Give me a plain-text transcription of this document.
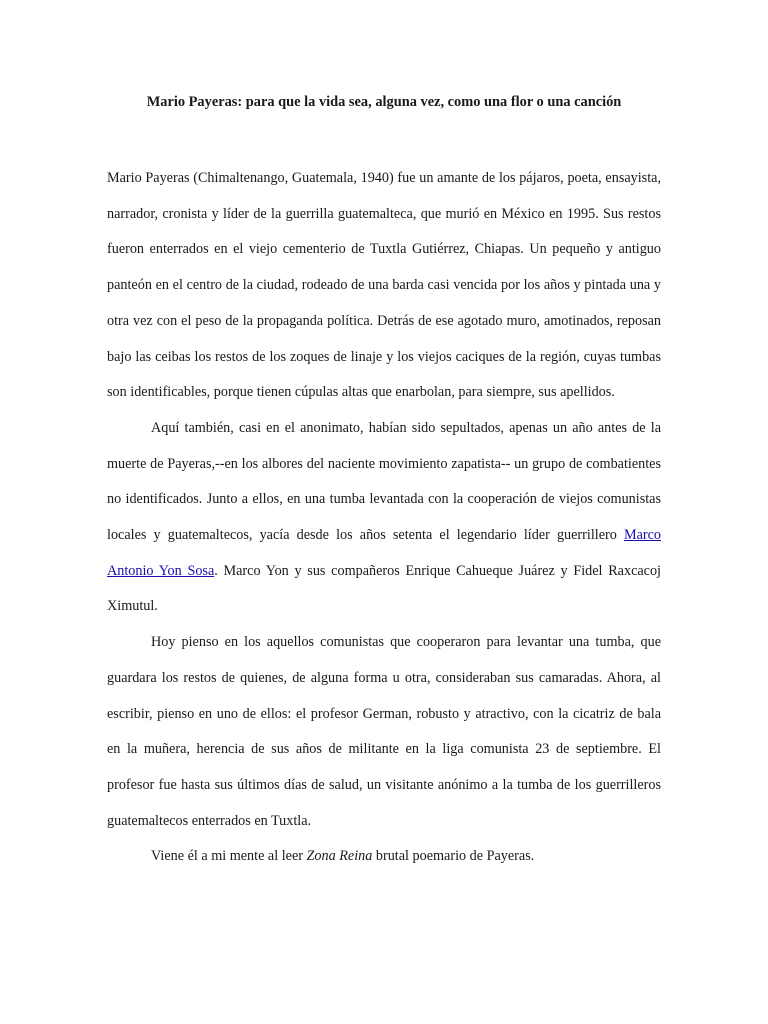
Mario Payeras: para que la vida sea, alguna vez, como una flor o una canción

Mario Payeras (Chimaltenango, Guatemala, 1940) fue un amante de los pájaros, poeta, ensayista, narrador, cronista y líder de la guerrilla guatemalteca, que murió en México en 1995. Sus restos fueron enterrados en el viejo cementerio de Tuxtla Gutiérrez, Chiapas. Un pequeño y antiguo panteón en el centro de la ciudad, rodeado de una barda casi vencida por los años y pintada una y otra vez con el peso de la propaganda política. Detrás de ese agotado muro, amotinados, reposan bajo las ceibas los restos de los zoques de linaje y los viejos caciques de la región, cuyas tumbas son identificables, porque tienen cúpulas altas que enarbolan, para siempre, sus apellidos.

Aquí también, casi en el anonimato, habían sido sepultados, apenas un año antes de la muerte de Payeras,--en los albores del naciente movimiento zapatista-- un grupo de combatientes no identificados. Junto a ellos, en una tumba levantada con la cooperación de viejos comunistas locales y guatemaltecos, yacía desde los años setenta el legendario líder guerrillero Marco Antonio Yon Sosa. Marco Yon y sus compañeros Enrique Cahueque Juárez y Fidel Raxcacoj Ximutul.

Hoy pienso en los aquellos comunistas que cooperaron para levantar una tumba, que guardara los restos de quienes, de alguna forma u otra, consideraban sus camaradas. Ahora, al escribir, pienso en uno de ellos: el profesor German, robusto y atractivo, con la cicatriz de bala en la muñera, herencia de sus años de militante en la liga comunista 23 de septiembre. El profesor fue hasta sus últimos días de salud, un visitante anónimo a la tumba de los guerrilleros guatemaltecos enterrados en Tuxtla.

Viene él a mi mente al leer Zona Reina brutal poemario de Payeras.
